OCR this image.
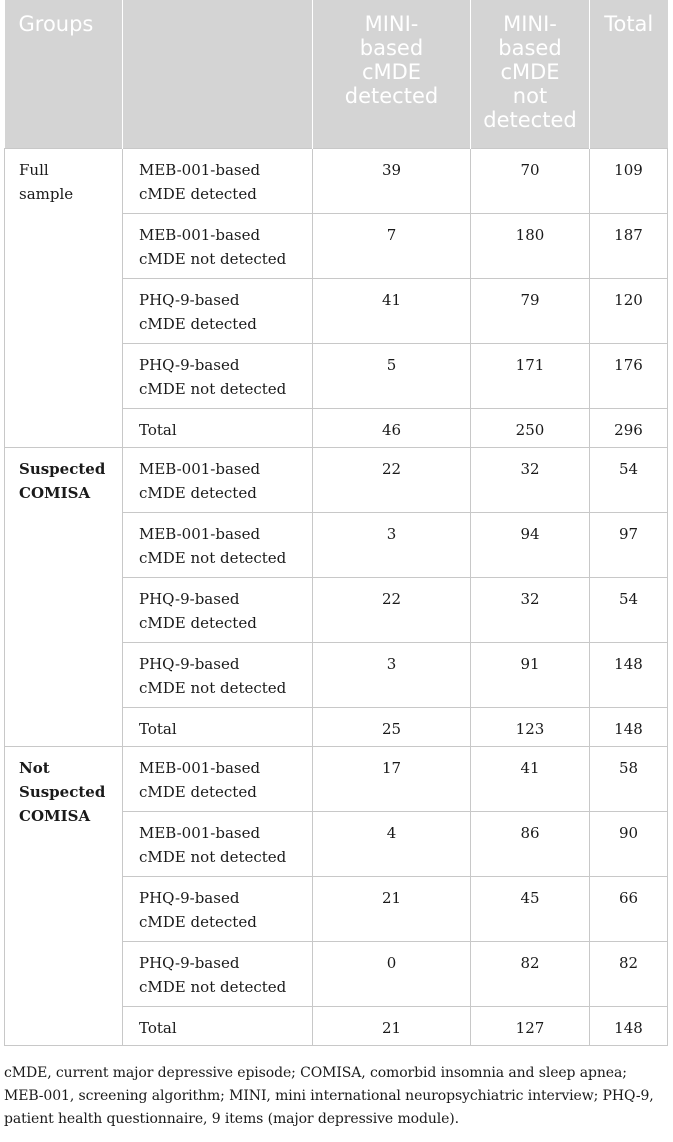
Groups		MINI-
based
cMDE
detected	MINI-
based
cMDE
not
detected	Total
Full
sample	MEB-001-based
cMDE detected	39	70	109
	MEB-001-based
cMDE not detected	7	180	187
	PHQ-9-based
cMDE detected	41	79	120
	PHQ-9-based
cMDE not detected	5	171	176
	Total	46	250	296
Suspected
COMISA	MEB-001-based
cMDE detected	22	32	54
	MEB-001-based
cMDE not detected	3	94	97
	PHQ-9-based
cMDE detected	22	32	54
	PHQ-9-based
cMDE not detected	3	91	148
	Total	25	123	148
Not
Suspected
COMISA	MEB-001-based
cMDE detected	17	41	58
	MEB-001-based
cMDE not detected	4	86	90
	PHQ-9-based
cMDE detected	21	45	66
	PHQ-9-based
cMDE not detected	0	82	82
	Total	21	127	148
cMDE, current major depressive episode; COMISA, comorbid insomnia and sleep apnea; MEB-001, screening algorithm; MINI, mini international neuropsychiatric interview; PHQ-9, patient health questionnaire, 9 items (major depressive module).
